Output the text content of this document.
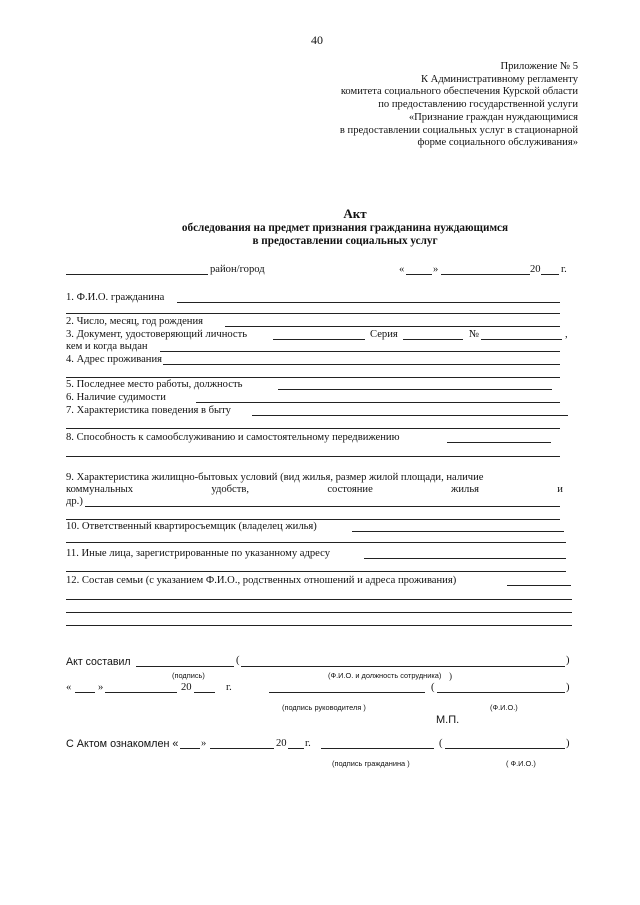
40
Приложение № 5
К Административному регламенту
комитета социального обеспечения Курской области
по предоставлению государственной услуги
«Признание граждан нуждающимися
в предоставлении социальных услуг в стационарной
форме социального обслуживания»
Акт
обследования на предмет признания гражданина нуждающимся
в предоставлении социальных услуг
район/город	«	»	20 г.
1. Ф.И.О. гражданина
2. Число, месяц, год рождения
3. Документ, удостоверяющий личность	Серия	№	,
кем и когда выдан
4. Адрес проживания
5. Последнее место работы, должность
6. Наличие судимости
7. Характеристика поведения в быту
8. Способность к самообслуживанию и самостоятельному передвижению
9. Характеристика жилищно-бытовых условий (вид жилья, размер жилой площади, наличие
коммунальных	удобств,	состояние	жилья	и
др.)
10. Ответственный квартиросъемщик (владелец жилья)
11. Иные лица, зарегистрированные по указанному адресу
12. Состав семьи (с указанием Ф.И.О., родственных отношений и адреса проживания)
Акт составил	(	)
(подпись)	(Ф.И.О. и должность сотрудника) )
«	»	20	г.	(	)
(подпись руководителя )	(Ф.И.О.)
М.П.
С Актом ознакомлен « »	20 г.	(	)
(подпись гражданина )	( Ф.И.О.)
